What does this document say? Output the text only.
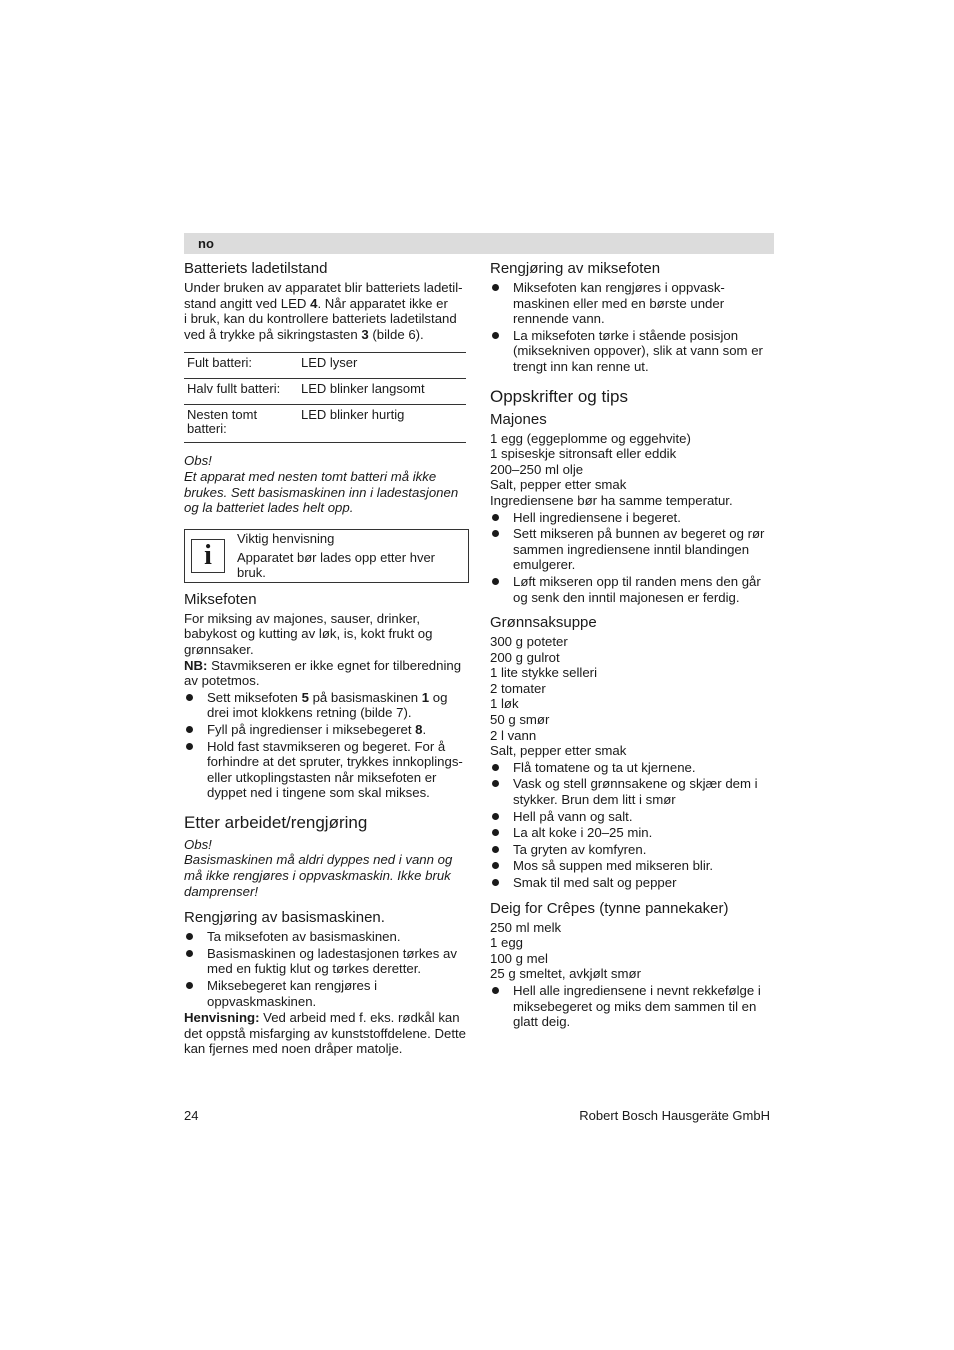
no
Batteriets ladetilstand

Under bruken av apparatet blir batteriets ladetil-
stand angitt ved LED 4. Når apparatet ikke er
i bruk, kan du kontrollere batteriets ladetilstand
ved å trykke på sikringstasten 3 (bilde 6).

Fult batteri:	LED lyser
Halv fullt batteri:	LED blinker langsomt
Nesten tomt batteri:	LED blinker hurtig

Obs!

Et apparat med nesten tomt batteri må ikke brukes. Sett basismaskinen inn i ladestasjonen og la batteriet lades helt opp.

i

Viktig henvisning

Apparatet bør lades opp etter hver bruk.

Miksefoten

For miksing av majones, sauser, drinker, babykost og kutting av løk, is, kokt frukt og grønnsaker.

NB: Stavmikseren er ikke egnet for tilberedning av potetmos.

Sett miksefoten 5 på basismaskinen 1 og drei imot klokkens retning (bilde 7).
Fyll på ingredienser i miksebegeret 8.
Hold fast stavmikseren og begeret. For å forhindre at det spruter, trykkes innkoplings- eller utkoplingstasten når miksefoten er dyppet ned i tingene som skal mikses.
Etter arbeidet/rengjøring

Obs!

Basismaskinen må aldri dyppes ned i vann og må ikke rengjøres i oppvaskmaskin. Ikke bruk damprenser!

Rengjøring av basismaskinen.
Ta miksefoten av basismaskinen.
Basismaskinen og ladestasjonen tørkes av med en fuktig klut og tørkes deretter.
Miksebegeret kan rengjøres i oppvaskmaskinen.

Henvisning: Ved arbeid med f. eks. rødkål kan det oppstå misfarging av kunststoffdelene. Dette kan fjernes med noen dråper matolje.

Rengjøring av miksefoten
Miksefoten kan rengjøres i oppvask-maskinen eller med en børste under rennende vann.
La miksefoten tørke i stående posisjon (miksekniven oppover), slik at vann som er trengt inn kan renne ut.
Oppskrifter og tips
Majones

1 egg (eggeplomme og eggehvite)

1 spiseskje sitronsaft eller eddik

200–250 ml olje

Salt, pepper etter smak

Ingrediensene bør ha samme temperatur.

Hell ingrediensene i begeret.
Sett mikseren på bunnen av begeret og rør sammen ingrediensene inntil blandingen emulgerer.
Løft mikseren opp til randen mens den går og senk den inntil majonesen er ferdig.
Grønnsaksuppe

300 g poteter

200 g gulrot

1 lite stykke selleri

2 tomater

1 løk

50 g smør

2 l vann

Salt, pepper etter smak

Flå tomatene og ta ut kjernene.
Vask og stell grønnsakene og skjær dem i stykker. Brun dem litt i smør
Hell på vann og salt.
La alt koke i 20–25 min.
Ta gryten av komfyren.
Mos så suppen med mikseren blir.
Smak til med salt og pepper
Deig for Crêpes (tynne pannekaker)

250 ml melk

1 egg

100 g mel

25 g smeltet, avkjølt smør

Hell alle ingrediensene i nevnt rekkefølge i miksebegeret og miks dem sammen til en glatt deig.
24	Robert Bosch Hausgeräte GmbH
